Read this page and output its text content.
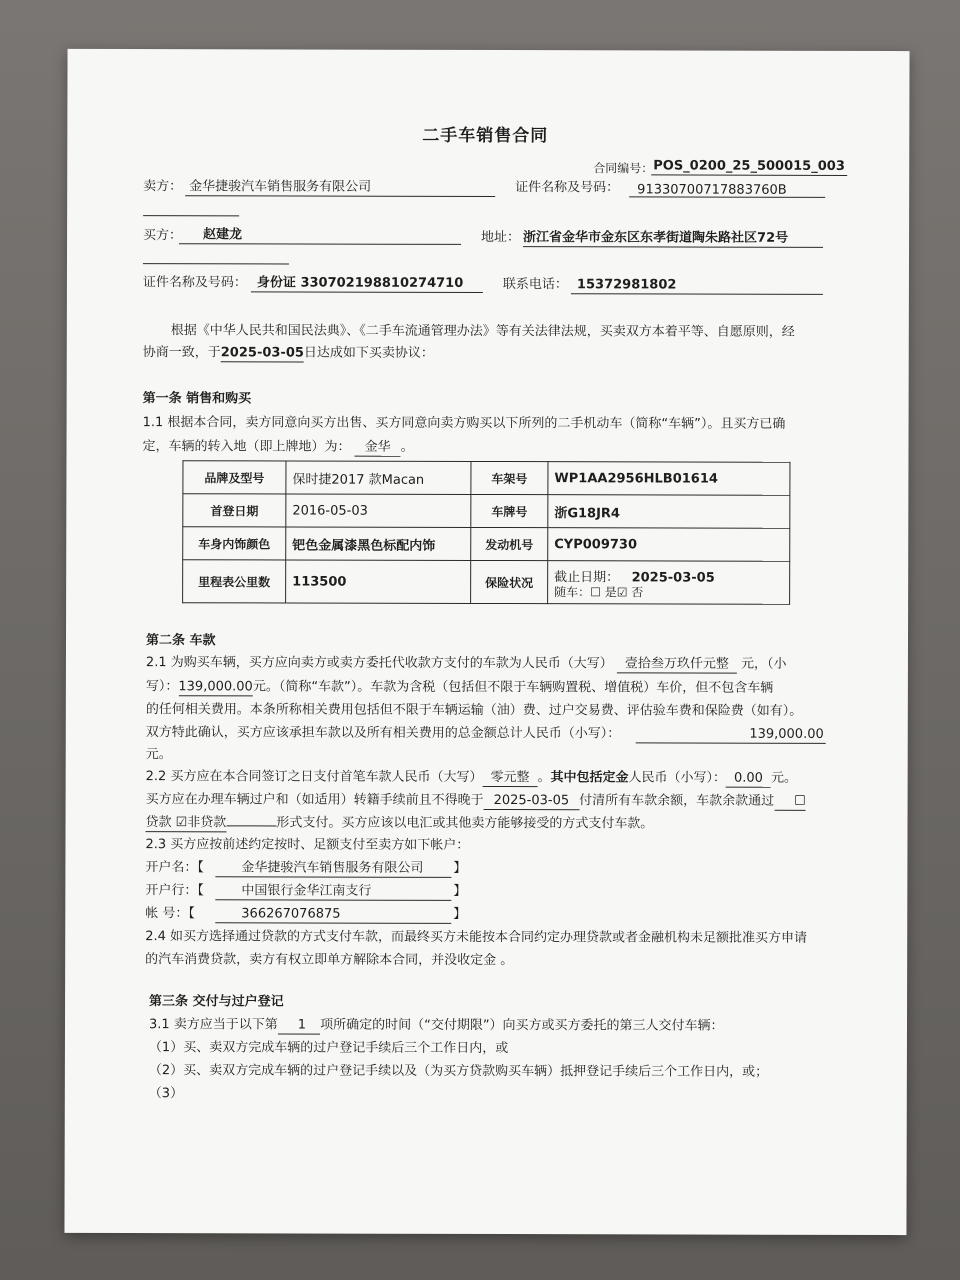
二手车销售合同
合同编号： POS_0200_25_500015_003
卖方： 金华捷骏汽车销售服务有限公司	证件名称及号码： 91330700717883760B
买方： 赵建龙	地址： 浙江省金华市金东区东孝街道陶朱路社区72号
证件名称及号码： 身份证 330702198810274710	联系电话： 15372981802
根据《中华人民共和国民法典》、《二手车流通管理办法》等有关法律法规，买卖双方本着平等、自愿原则，经
协商一致，于2025-03-05日达成如下买卖协议：
第一条 销售和购买
1.1 根据本合同，卖方同意向买方出售、买方同意向卖方购买以下所列的二手机动车（简称“车辆”）。且买方已确
定，车辆的转入地（即上牌地）为： 金华 。
品牌及型号	保时捷2017 款Macan	车架号	WP1AA2956HLB01614
首登日期	2016-05-03	车牌号	浙G18JR4
车身内饰颜色	钯色金属漆黑色标配内饰	发动机号	CYP009730
里程表公里数	113500	保险状况	截止日期： 2025-03-05
随车：☐ 是☑ 否
第二条 车款
2.1 为购买车辆，买方应向卖方或卖方委托代收款方支付的车款为人民币（大写） 壹拾叁万玖仟元整 元，（小
写）：139,000.00元。（简称“车款”）。车款为含税（包括但不限于车辆购置税、增值税）车价，但不包含车辆
的任何相关费用。本条所称相关费用包括但不限于车辆运输（油）费、过户交易费、评估验车费和保险费（如有）。
双方特此确认，买方应该承担车款以及所有相关费用的总金额总计人民币（小写）：	139,000.00
元。
2.2 买方应在本合同签订之日支付首笔车款人民币（大写） 零元整 。其中包括定金人民币（小写）： 0.00 元。
买方应在办理车辆过户和（如适用）转籍手续前且不得晚于 2025-03-05 付清所有车款余额，车款余款通过 ☐
贷款 ☑非贷款	形式支付。买方应该以电汇或其他卖方能够接受的方式支付车款。
2.3 买方应按前述约定按时、足额支付至卖方如下帐户：
开户名：【	金华捷骏汽车销售服务有限公司 】
开户行：【	中国银行金华江南支行	】
帐 号：【	366267076875	】
2.4 如买方选择通过贷款的方式支付车款，而最终买方未能按本合同约定办理贷款或者金融机构未足额批准买方申请
的汽车消费贷款，卖方有权立即单方解除本合同，并没收定金 。
第三条 交付与过户登记
3.1 卖方应当于以下第 1 项所确定的时间（“交付期限”）向买方或买方委托的第三人交付车辆：
（1）买、卖双方完成车辆的过户登记手续后三个工作日内，或
（2）买、卖双方完成车辆的过户登记手续以及（为买方贷款购买车辆）抵押登记手续后三个工作日内，或；
（3）
